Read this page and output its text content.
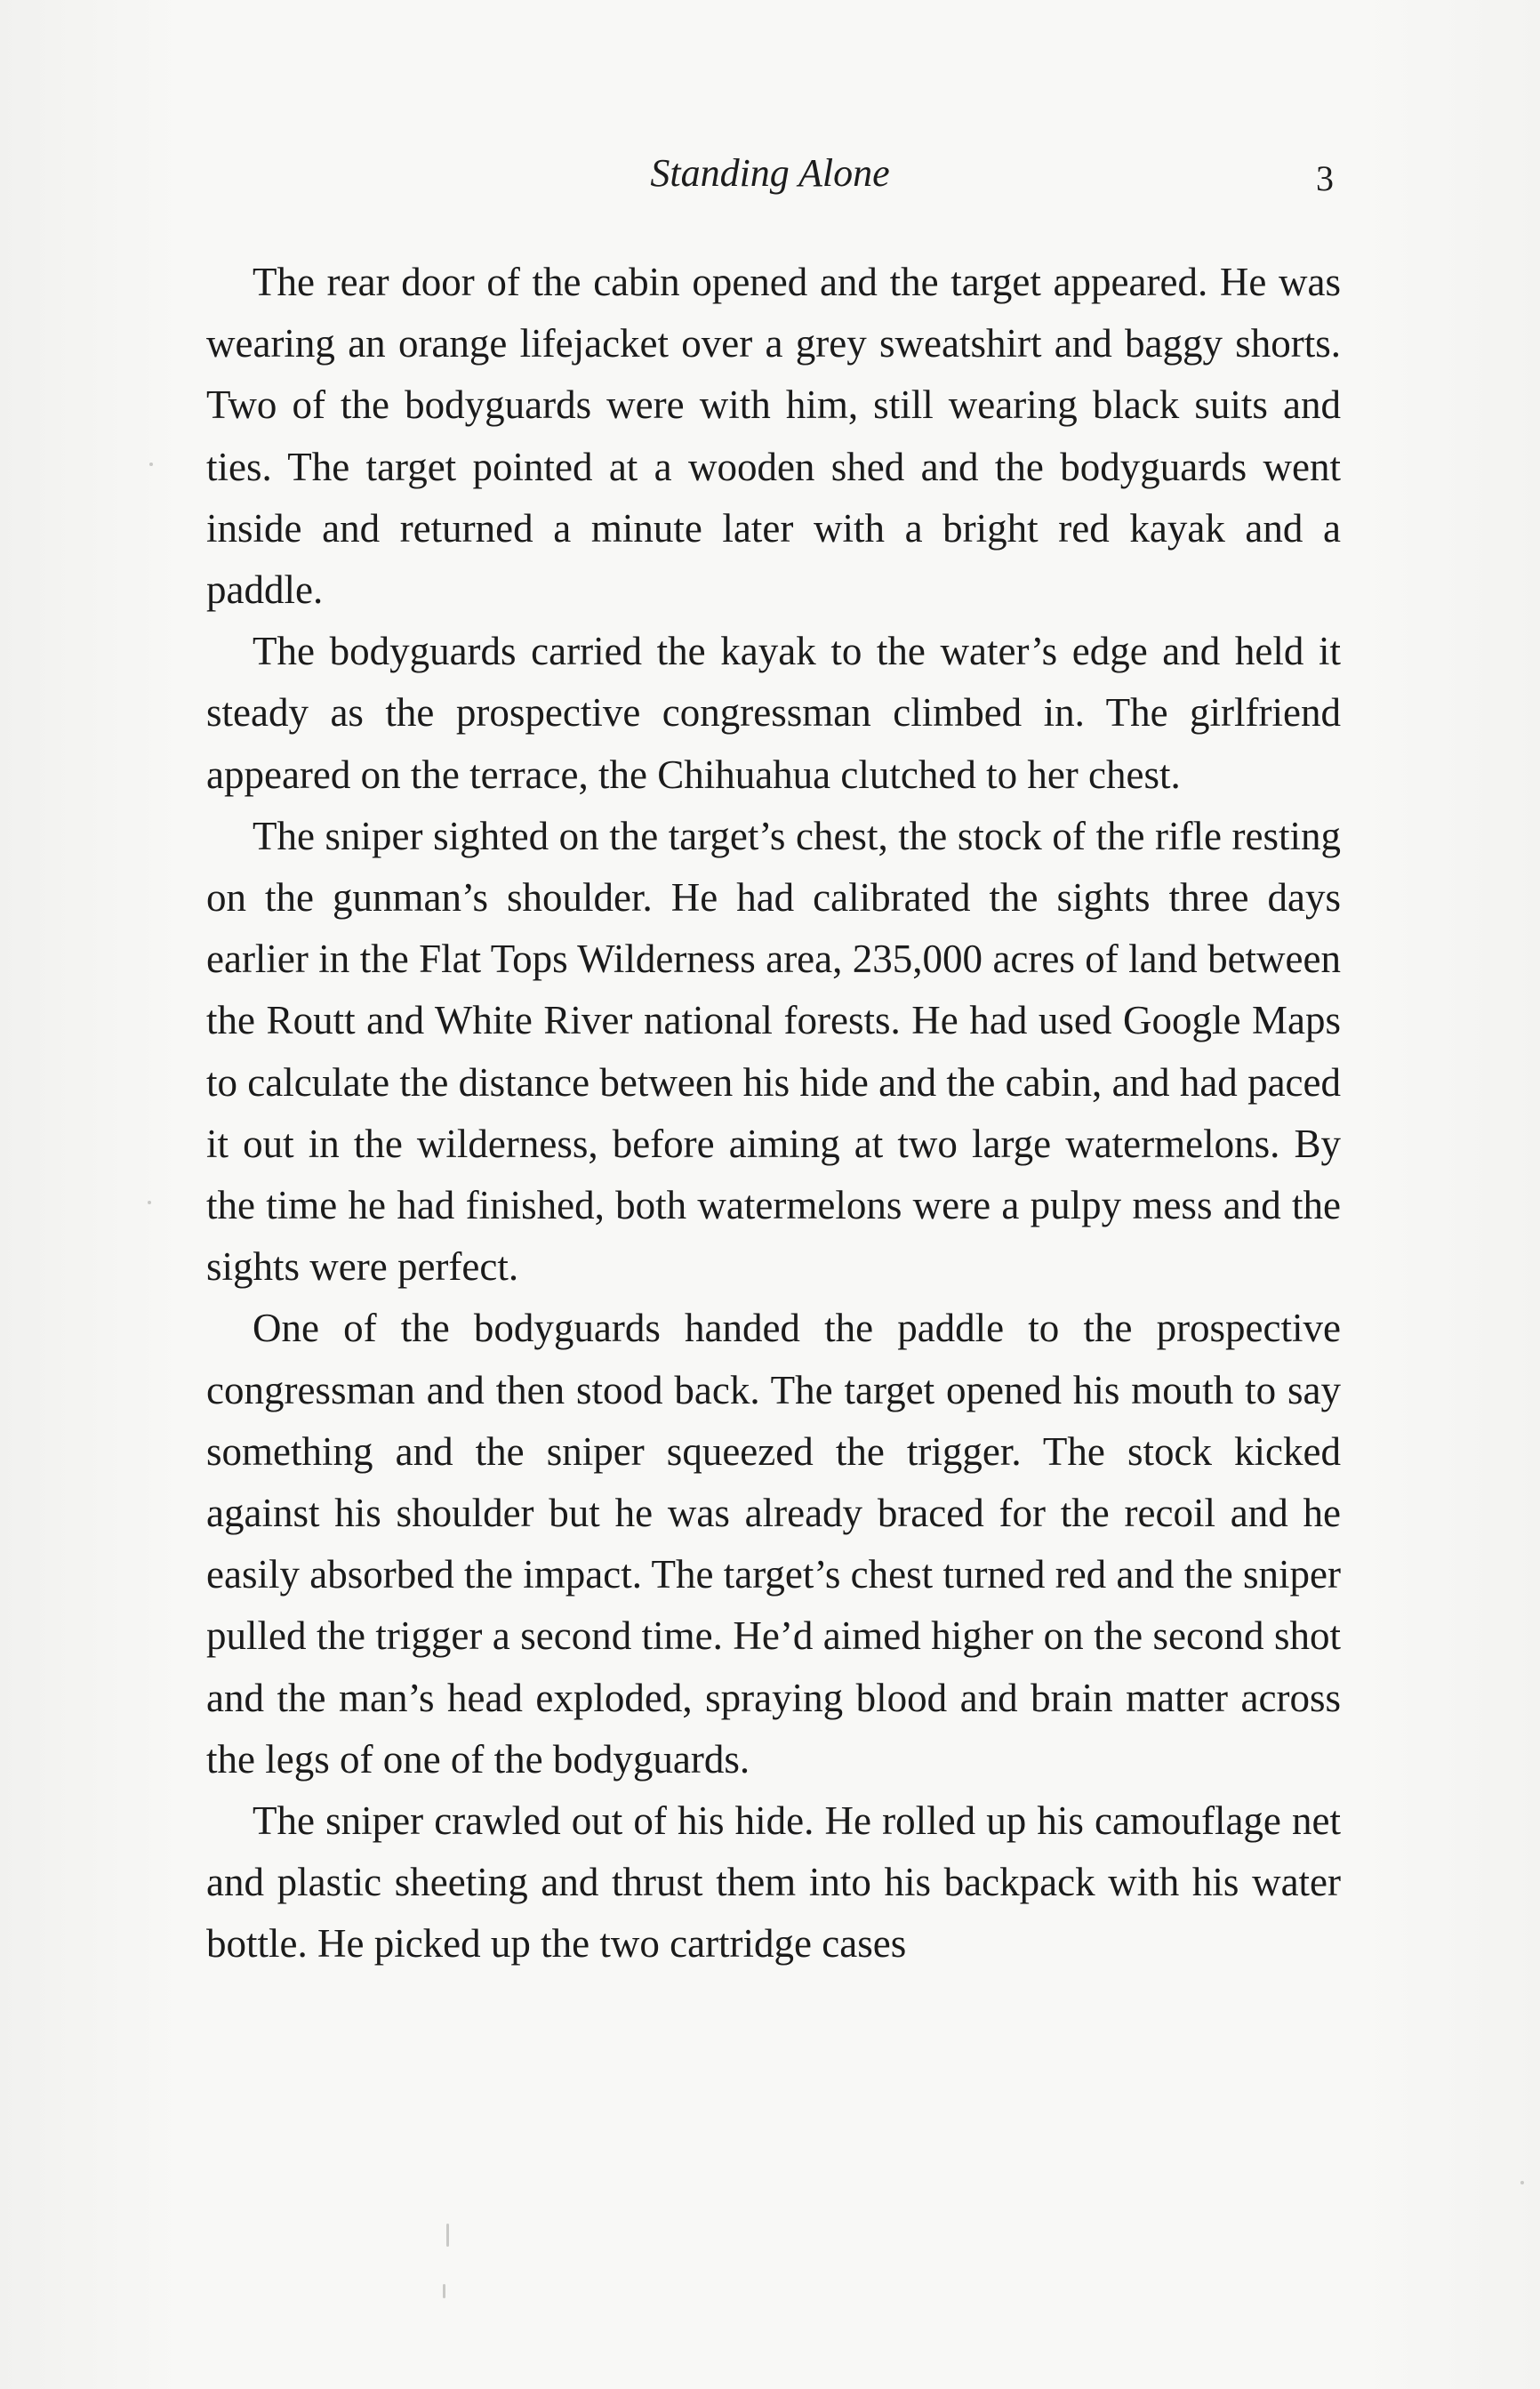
Standing Alone	3

The rear door of the cabin opened and the target appeared. He was wearing an orange lifejacket over a grey sweatshirt and baggy shorts. Two of the bodyguards were with him, still wearing black suits and ties. The target pointed at a wooden shed and the bodyguards went inside and returned a minute later with a bright red kayak and a paddle.

The bodyguards carried the kayak to the water’s edge and held it steady as the prospective congressman climbed in. The girlfriend appeared on the terrace, the Chihuahua clutched to her chest.

The sniper sighted on the target’s chest, the stock of the rifle resting on the gunman’s shoulder. He had calibrated the sights three days earlier in the Flat Tops Wilderness area, 235,000 acres of land between the Routt and White River national forests. He had used Google Maps to calculate the distance between his hide and the cabin, and had paced it out in the wilderness, before aiming at two large watermelons. By the time he had finished, both watermelons were a pulpy mess and the sights were perfect.

One of the bodyguards handed the paddle to the prospective congressman and then stood back. The target opened his mouth to say something and the sniper squeezed the trigger. The stock kicked against his shoulder but he was already braced for the recoil and he easily absorbed the impact. The target’s chest turned red and the sniper pulled the trigger a second time. He’d aimed higher on the second shot and the man’s head exploded, spraying blood and brain matter across the legs of one of the bodyguards.

The sniper crawled out of his hide. He rolled up his camouflage net and plastic sheeting and thrust them into his backpack with his water bottle. He picked up the two cartridge cases
